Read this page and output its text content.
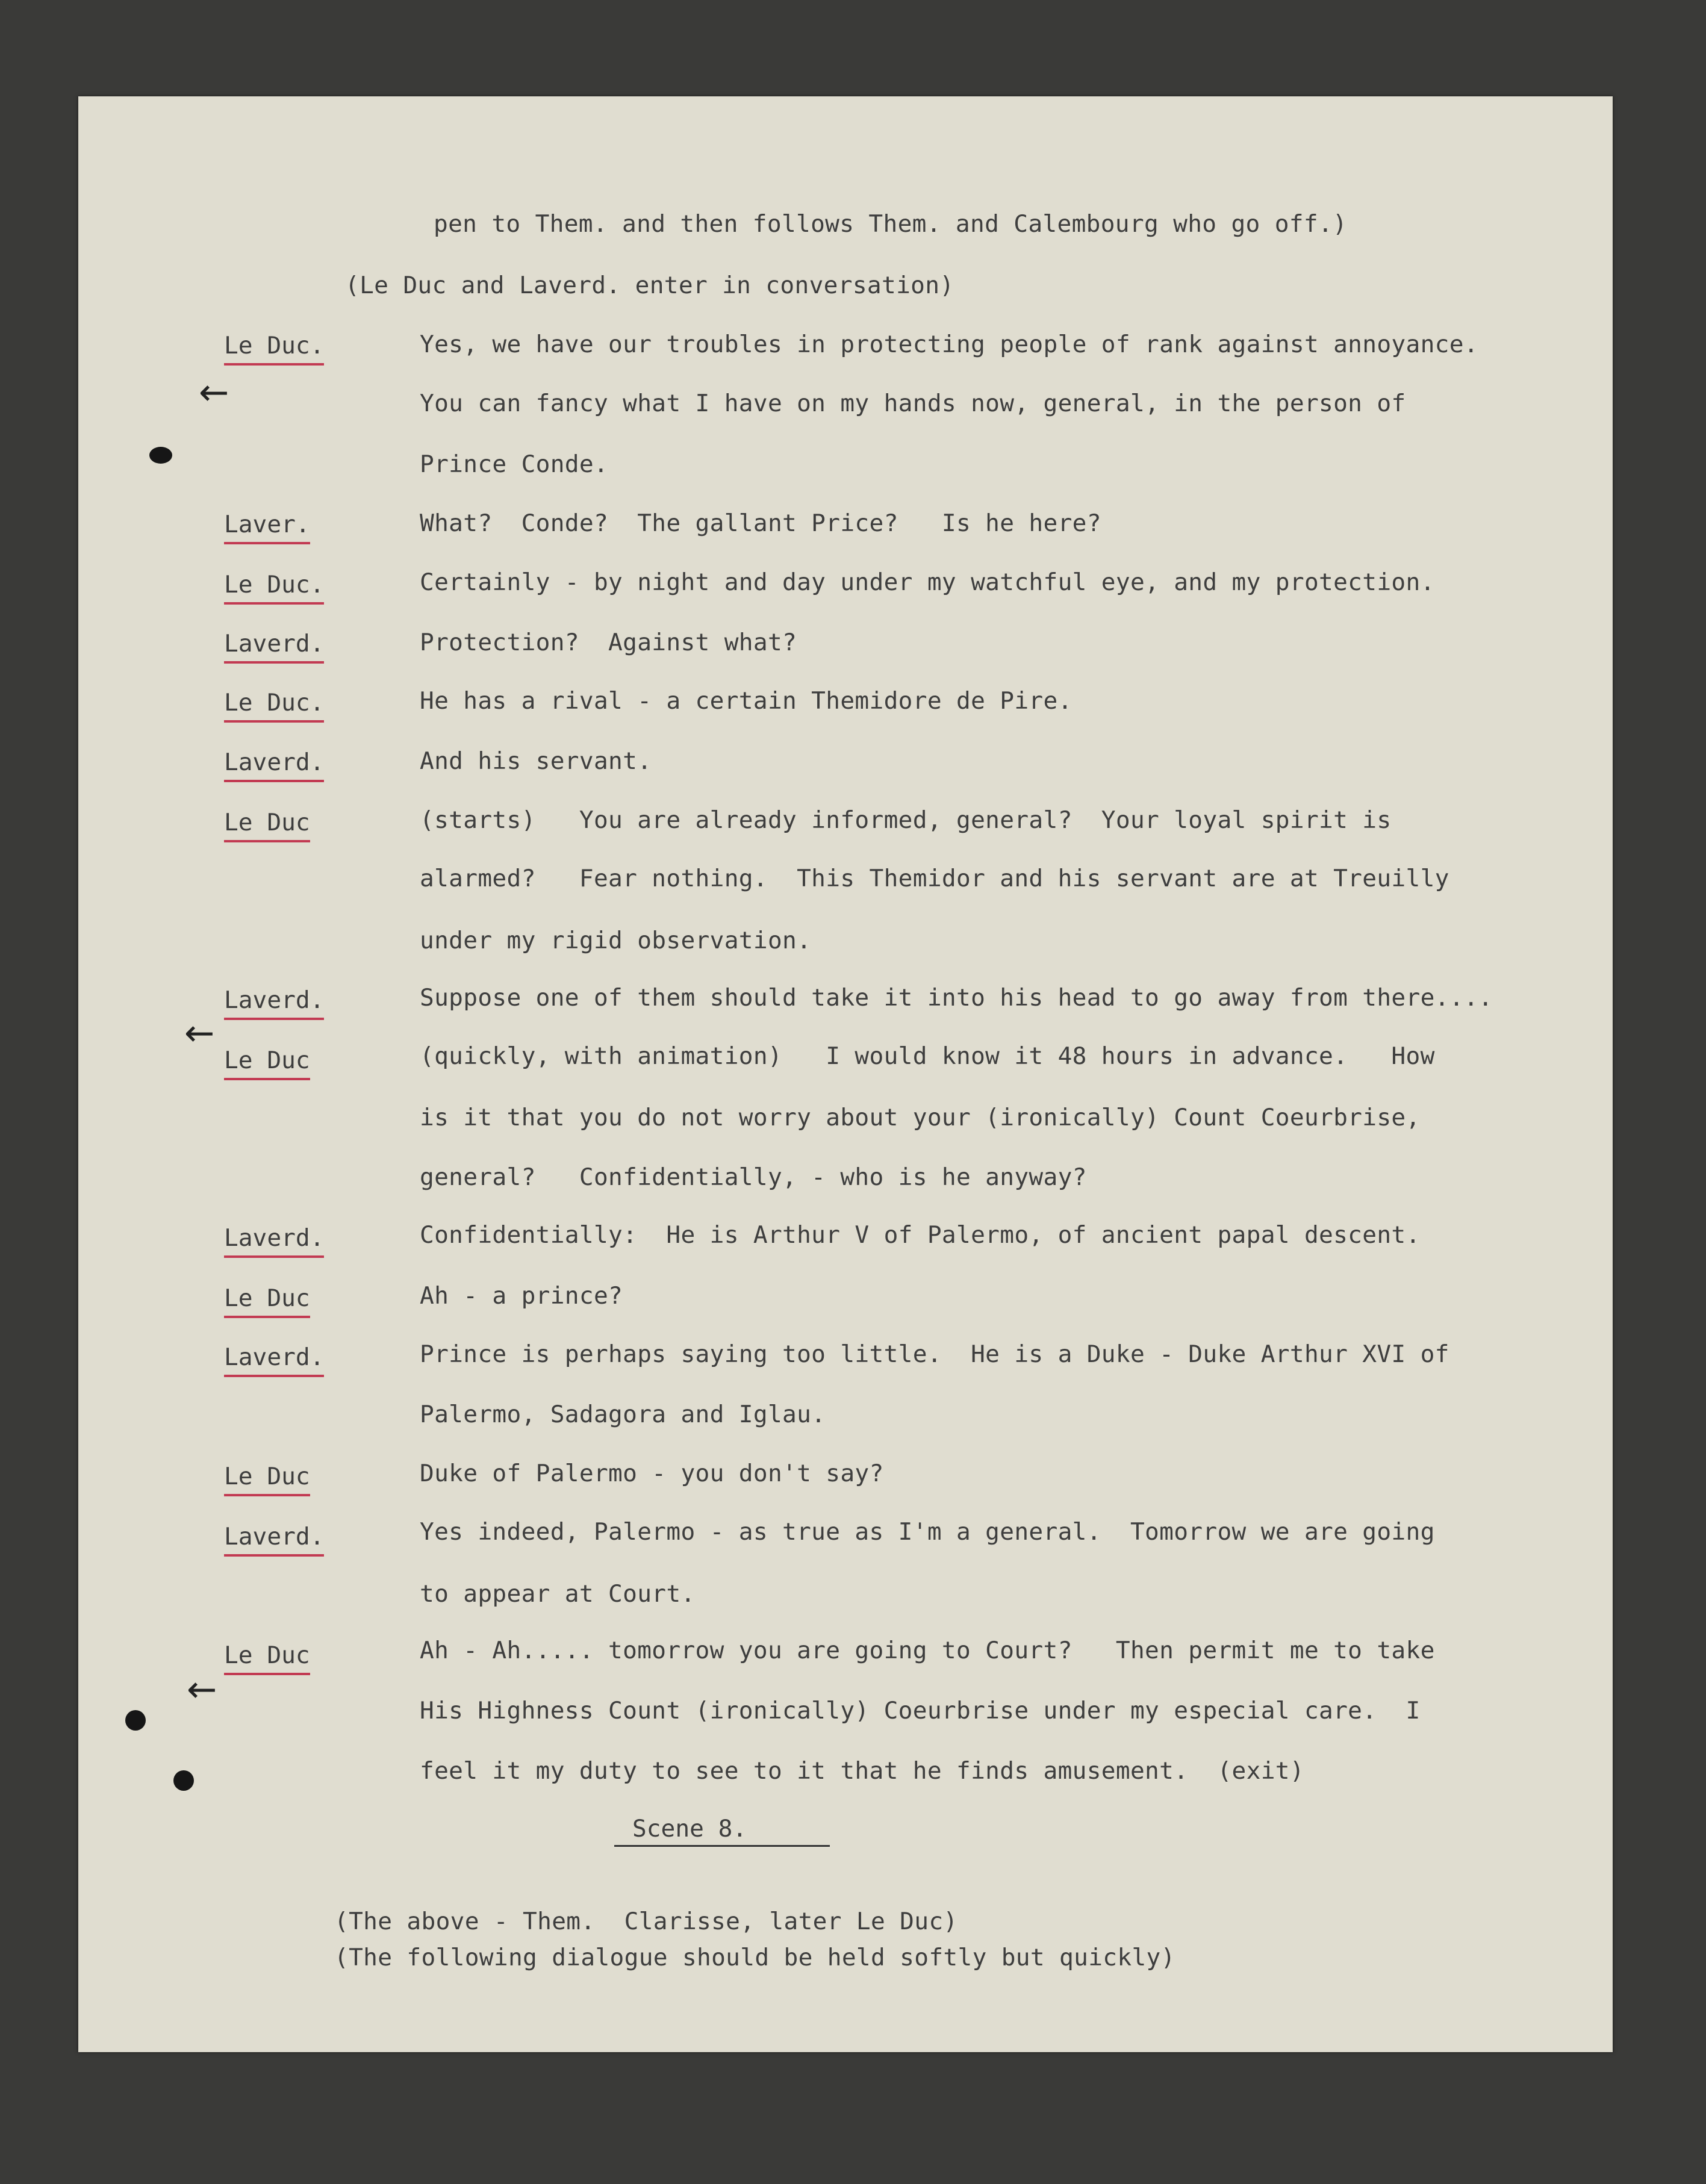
←
←
←
pen to Them. and then follows Them. and Calembourg who go off.)
(Le Duc and Laverd. enter in conversation)
Le Duc.	Yes, we have our troubles in protecting people of rank against annoyance.
You can fancy what I have on my hands now, general, in the person of
Prince Conde.
Laver.	What?  Conde?  The gallant Price?   Is he here?
Le Duc.	Certainly - by night and day under my watchful eye, and my protection.
Laverd.	Protection?  Against what?
Le Duc.	He has a rival - a certain Themidore de Pire.
Laverd.	And his servant.
Le Duc	(starts)   You are already informed, general?  Your loyal spirit is
alarmed?   Fear nothing.  This Themidor and his servant are at Treuilly
under my rigid observation.
Laverd.	Suppose one of them should take it into his head to go away from there....
Le Duc	(quickly, with animation)   I would know it 48 hours in advance.   How
is it that you do not worry about your (ironically) Count Coeurbrise,
general?   Confidentially, - who is he anyway?
Laverd.	Confidentially:  He is Arthur V of Palermo, of ancient papal descent.
Le Duc	Ah - a prince?
Laverd.	Prince is perhaps saying too little.  He is a Duke - Duke Arthur XVI of
Palermo, Sadagora and Iglau.
Le Duc	Duke of Palermo - you don't say?
Laverd.	Yes indeed, Palermo - as true as I'm a general.  Tomorrow we are going
to appear at Court.
Le Duc	Ah - Ah..... tomorrow you are going to Court?   Then permit me to take
His Highness Count (ironically) Coeurbrise under my especial care.  I
feel it my duty to see to it that he finds amusement.  (exit)
Scene 8.
(The above - Them.  Clarisse, later Le Duc)
(The following dialogue should be held softly but quickly)
